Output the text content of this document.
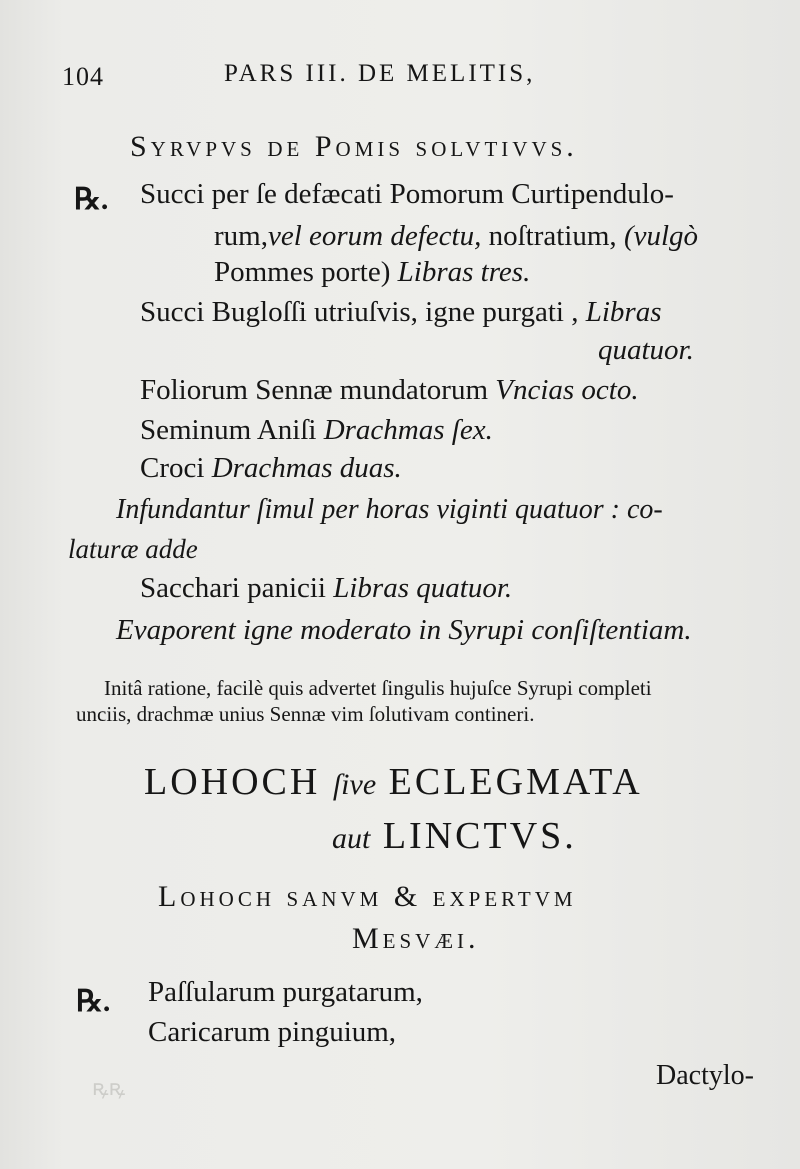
ꝶꝶ
104	PARS III. DE MELITIS,
Syrvpvs de Pomis solvtivvs.
℞. Succi per ſe defæcati Pomorum Curtipendulo-
rum,vel eorum defectu, noſtratium, (vulgò
Pommes porte) Libras tres.
Succi Bugloſſi utriuſvis, igne purgati , Libras
quatuor.
Foliorum Sennæ mundatorum Vncias octo.
Seminum Aniſi Drachmas ſex.
Croci Drachmas duas.
Infundantur ſimul per horas viginti quatuor : co-
laturæ adde
Sacchari panicii Libras quatuor.
Evaporent igne moderato in Syrupi conſiſtentiam.
Initâ ratione, facilè quis advertet ſingulis hujuſce Syrupi completi
unciis, drachmæ unius Sennæ vim ſolutivam contineri.
LOHOCH ſive ECLEGMATA
aut LINCTVS.
Lohoch sanvm & expertvm
Mesvæi.
℞. Paſſularum purgatarum,
Caricarum pinguium,
Dactylo-
